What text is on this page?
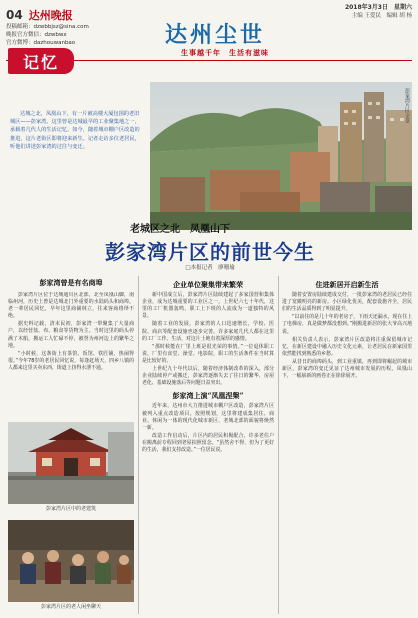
04 达州晚报
投稿邮箱：dzwbbjsz@sina.com
晚报官方微信：dzwbwx
官方微博：dazhouwanbao
2018年3月3日　星期六
主编 王爱民　编辑 胡 杨
达州尘世
生事越千年　生活有滋味
记忆
达城之北，凤凰山下，有一片被高楼大厦包围的老旧城区——彭家湾。这里曾是达城最早的工业聚集地之一，承载着几代人的生活记忆。如今，随着城市棚户区改造的推进，这片老街区即将迎来新生。记者走访多位老居民，听他们讲述彭家湾的过往与变迁。
彭家湾片区全景
老城区之北　凤凰山下
彭家湾片区的前世今生
□本报记者　廖珊瑜
彭家湾曾是有名商埠

彭家湾片区位于达城通川区北部，北至凤凰山脚，南临州河，历史上曾是达城北门外重要的水陆码头和商埠。老一辈居民回忆，早年这里商铺林立，往来客商络绎不绝。

据史料记载，清末民初，彭家湾一带聚集了大量商户，以经营盐、布、粮食等货物为主。当时这里的码头停满了木船，搬运工人忙碌不停，被誉为州河边上的繁华之地。

“小时候，这条街上有茶馆、饭馆、铁匠铺，热闹得很。”今年78岁的老居民回忆说，每逢赶场天，四乡八镇的人都来这里买卖东西，街道上挤得水泄不通。

彭家湾片区中的老建筑
彭家湾片区的老人闲坐聊天
企业单位聚集带来繁荣

新中国成立后，彭家湾片区陆续建起了多家国营和集体企业，成为达城重要的工业区之一。上世纪六七十年代，这里的工厂机器轰鸣，职工上下班的人流成为一道独特的风景。

随着工业的发展，彭家湾的人口迅速增长，学校、医院、商店等配套设施也逐步完善。许多家庭几代人都在这里的工厂工作、生活，对这片土地有着深厚的感情。

“那时候能在厂里上班是很光荣的事情。”一位退休职工说，厂里有食堂、澡堂、电影院，职工的生活条件在当时算是比较好的。

上世纪九十年代以后，随着经济体制改革的深入，部分企业陆续停产或搬迁，彭家湾逐渐失去了往日的繁华，房屋老化、基础设施落后等问题日益突出。

彭家湾上演“凤凰涅槃”

近年来，达州市大力推进城市棚户区改造，彭家湾片区被列入重点改造项目。按照规划，这里将建成集居住、商业、休闲为一体的现代化城市新区，老城北部的面貌将焕然一新。

改造工作启动后，片区内的居民积极配合，许多老住户在搬离前专程回到老屋拍照留念。“虽然舍不得，但为了更好的生活，我们支持改造。”一位居民说。

住进新居开启新生活

随着安置房陆续建成交付，一批彭家湾的老居民已经住进了宽敞明亮的新房。小区绿化优美，配套设施齐全，居民们的生活品质得到了明显提升。

“以前住的是几十年的老房子，下雨天还漏水，现在住上了电梯房，真是做梦都没想到。”刚搬进新居的张大爷高兴地说。

相关负责人表示，彭家湾片区改造将注重保留城市记忆，在新区建设中融入历史文化元素，让老居民在新家园里依然能找到熟悉的乡愁。

从昔日的商埠码头，到工业重镇，再到即将崛起的城市新区，彭家湾的变迁见证了达州城市发展的历程。凤凰山下，一幅崭新的画卷正在徐徐展开。
